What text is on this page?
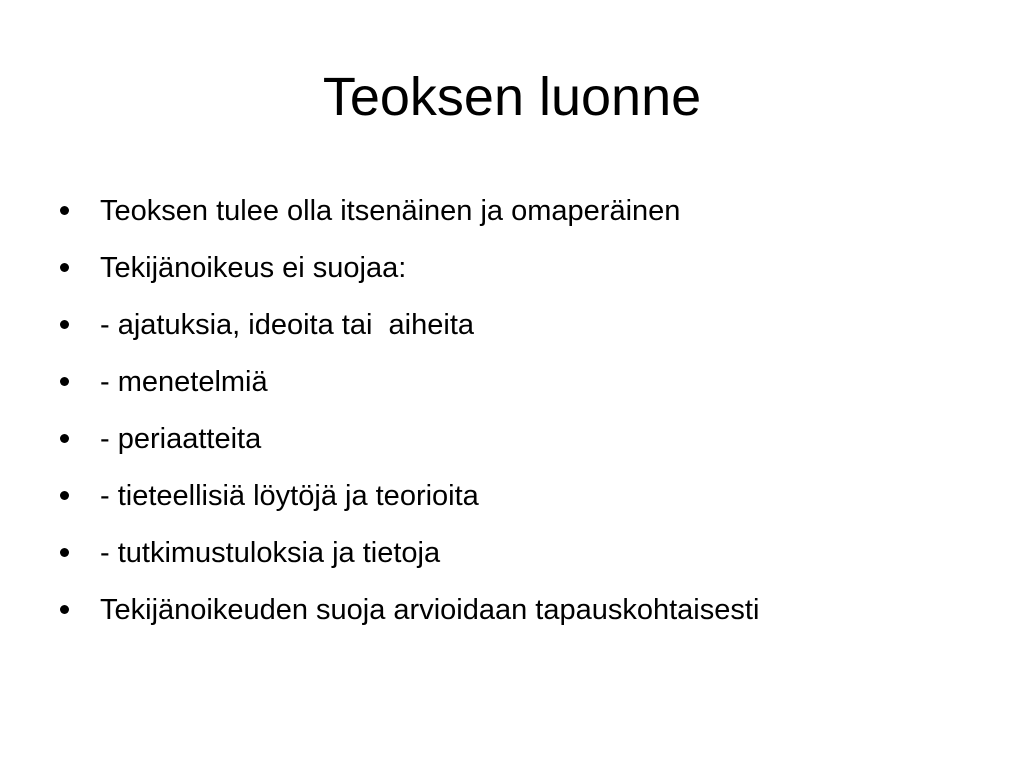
Teoksen luonne

Teoksen tulee olla itsenäinen ja omaperäinen

Tekijänoikeus ei suojaa:

- ajatuksia, ideoita tai  aiheita

- menetelmiä

- periaatteita

- tieteellisiä löytöjä ja teorioita

- tutkimustuloksia ja tietoja

Tekijänoikeuden suoja arvioidaan tapauskohtaisesti
